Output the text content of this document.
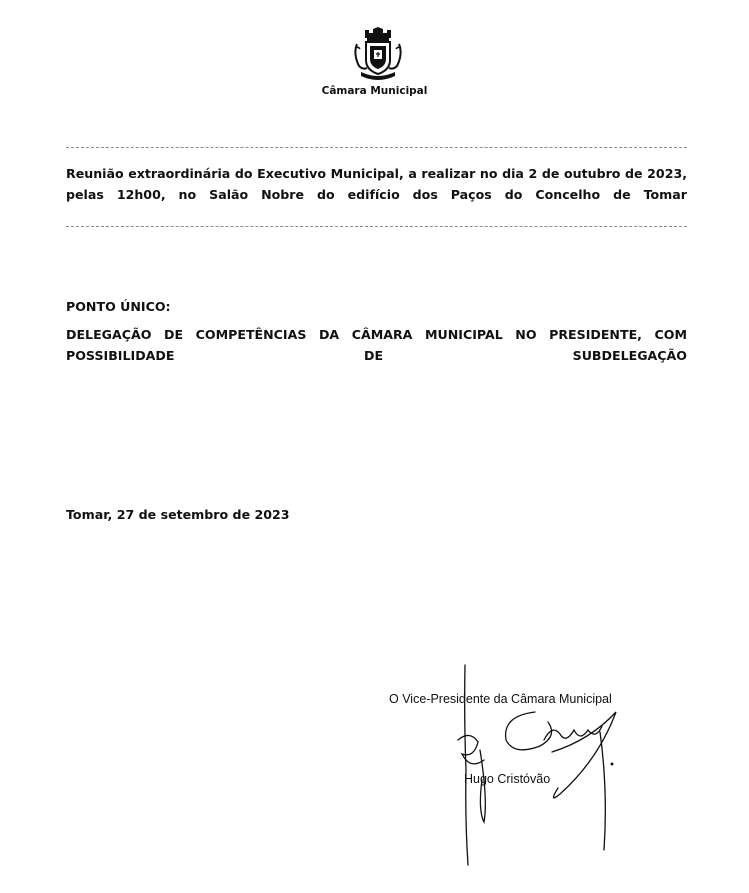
Câmara Municipal
Reunião extraordinária do Executivo Municipal, a realizar no dia 2 de outubro de 2023, pelas 12h00, no Salão Nobre do edifício dos Paços do Concelho de Tomar
PONTO ÚNICO:
DELEGAÇÃO DE COMPETÊNCIAS DA CÂMARA MUNICIPAL NO PRESIDENTE, COM POSSIBILIDADE DE SUBDELEGAÇÃO
Tomar, 27 de setembro de 2023
O Vice-Presidente da Câmara Municipal
Hugo Cristóvão
